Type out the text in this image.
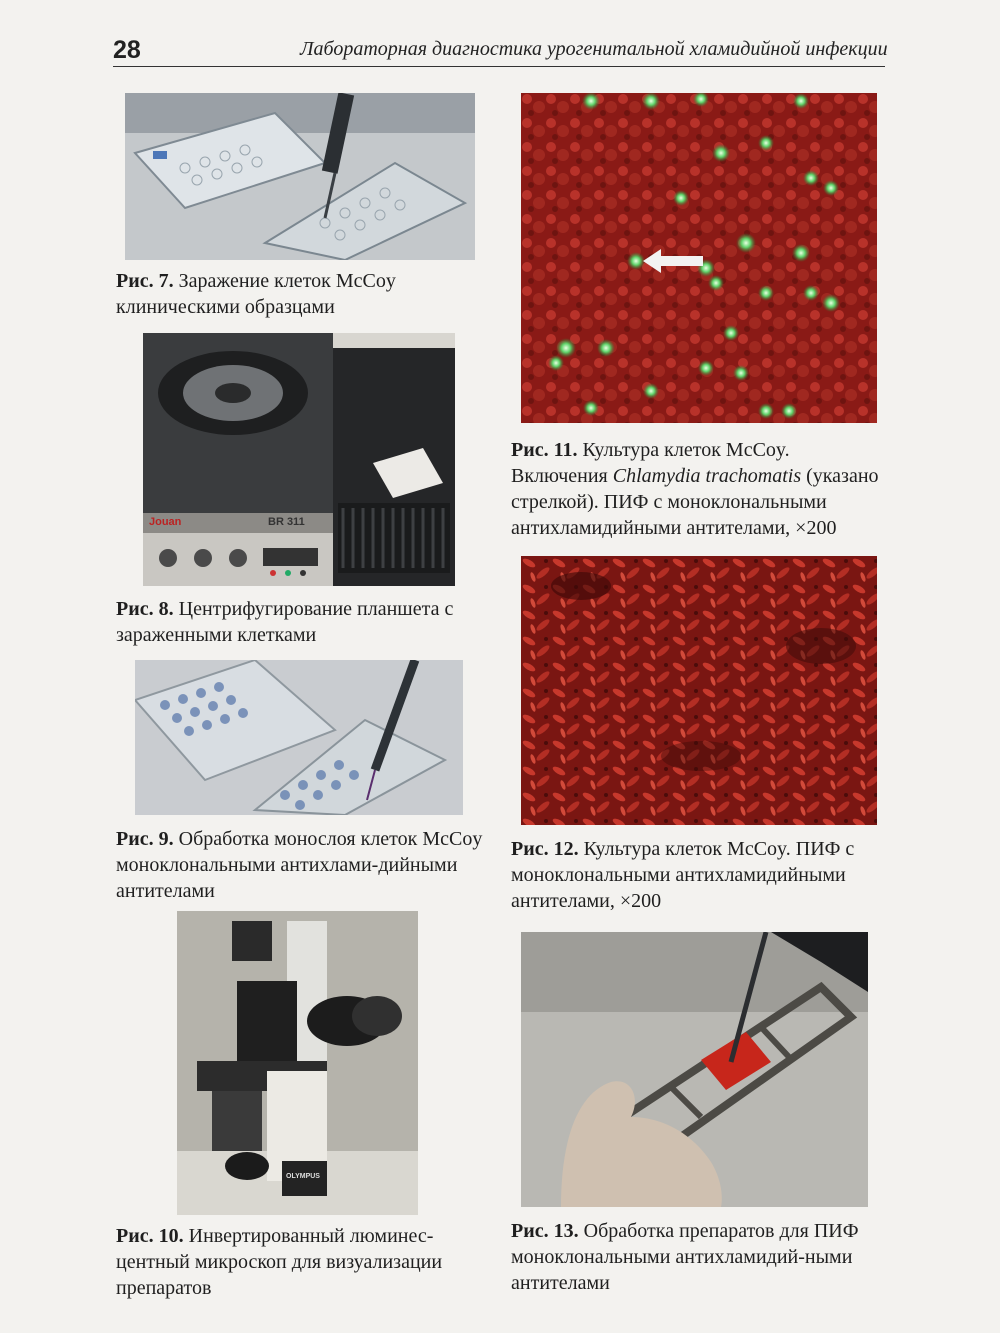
28	Лабораторная диагностика урогенитальной хламидийной инфекции
Рис. 7. Заражение клеток McCoy клиническими образцами
Jouan	BR 311
Рис. 8. Центрифугирование планшета с зараженными клетками
Рис. 9. Обработка монослоя клеток McCoy моноклональными антихлами-дийными антителами
OLYMPUS
Рис. 10. Инвертированный люминес-центный микроскоп для визуализации препаратов
Рис. 11. Культура клеток McCoy. Включения Chlamydia trachomatis (указано стрелкой). ПИФ с моноклональными антихламидийными антителами, ×200
Рис. 12. Культура клеток McCoy. ПИФ с моноклональными антихламидийными антителами, ×200
Рис. 13. Обработка препаратов для ПИФ моноклональными антихламидий-ными антителами
